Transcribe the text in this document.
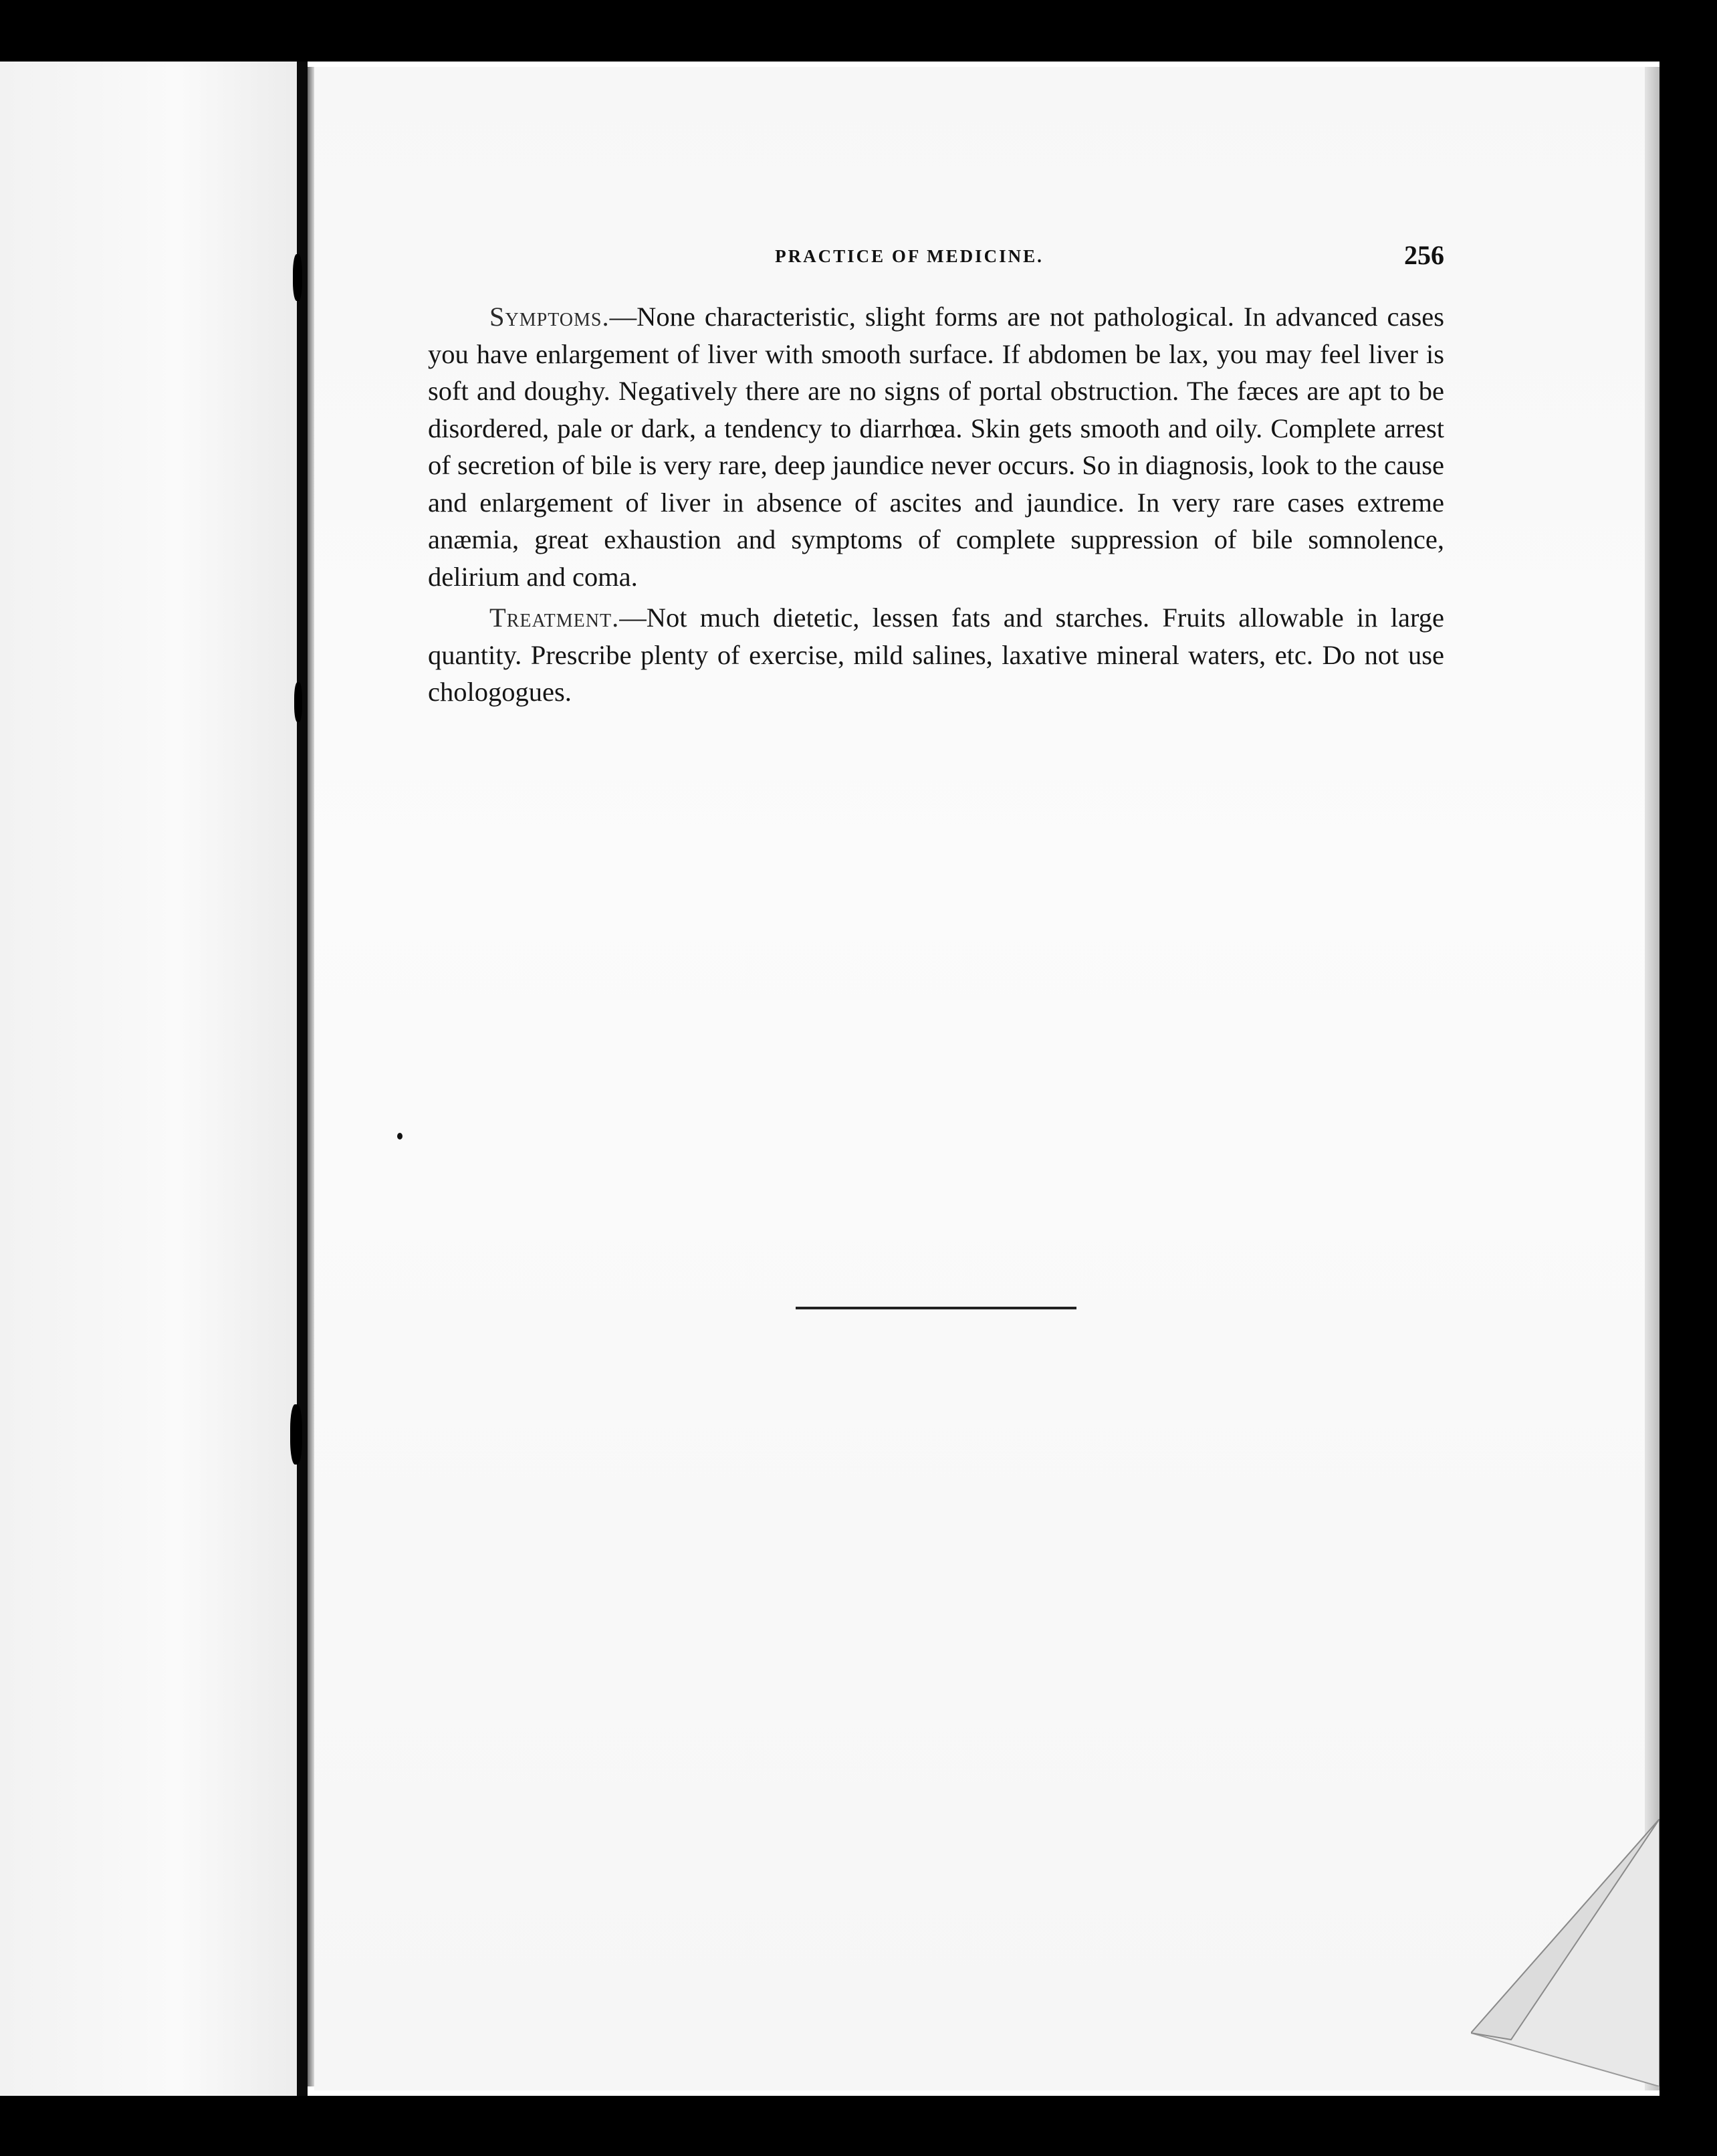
PRACTICE OF MEDICINE.	256

Symptoms.—None characteristic, slight forms are not pathological. In advanced cases you have enlargement of liver with smooth surface. If abdomen be lax, you may feel liver is soft and doughy. Negatively there are no signs of portal obstruction. The fæces are apt to be disordered, pale or dark, a tendency to diarrhœa. Skin gets smooth and oily. Complete arrest of secretion of bile is very rare, deep jaundice never occurs. So in diagnosis, look to the cause and enlargement of liver in absence of ascites and jaundice. In very rare cases extreme anæmia, great exhaustion and symptoms of complete suppression of bile somnolence, delirium and coma.

Treatment.—Not much dietetic, lessen fats and starches. Fruits allowable in large quantity. Prescribe plenty of exercise, mild salines, laxative mineral waters, etc. Do not use chologogues.
